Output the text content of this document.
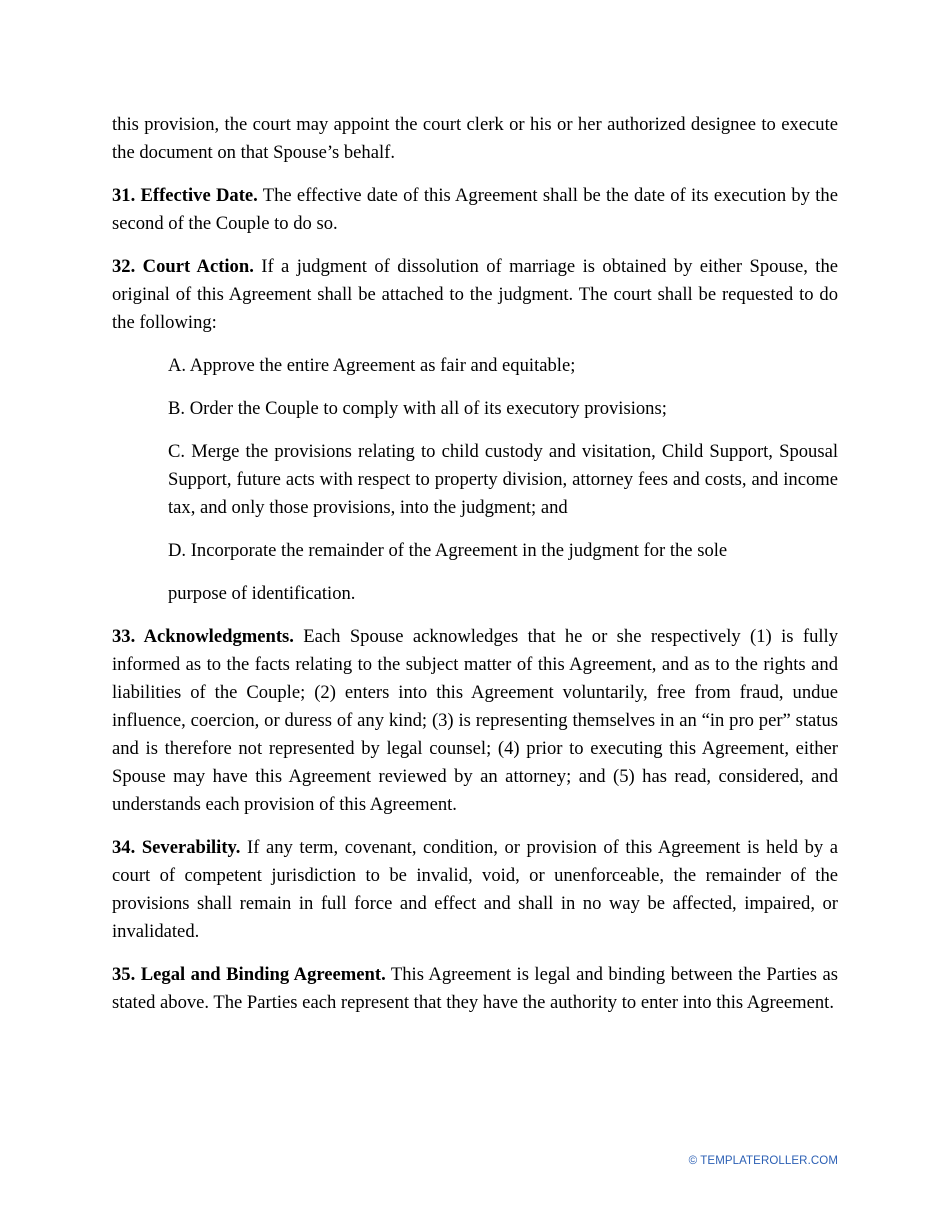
this provision, the court may appoint the court clerk or his or her authorized designee to execute the document on that Spouse’s behalf.

31. Effective Date. The effective date of this Agreement shall be the date of its execution by the second of the Couple to do so.

32. Court Action. If a judgment of dissolution of marriage is obtained by either Spouse, the original of this Agreement shall be attached to the judgment. The court shall be requested to do the following:

A. Approve the entire Agreement as fair and equitable;

B. Order the Couple to comply with all of its executory provisions;

C. Merge the provisions relating to child custody and visitation, Child Support, Spousal Support, future acts with respect to property division, attorney fees and costs, and income tax, and only those provisions, into the judgment; and

D. Incorporate the remainder of the Agreement in the judgment for the sole

purpose of identification.

33. Acknowledgments. Each Spouse acknowledges that he or she respectively (1) is fully informed as to the facts relating to the subject matter of this Agreement, and as to the rights and liabilities of the Couple; (2) enters into this Agreement voluntarily, free from fraud, undue influence, coercion, or duress of any kind; (3) is representing themselves in an “in pro per” status and is therefore not represented by legal counsel; (4) prior to executing this Agreement, either Spouse may have this Agreement reviewed by an attorney; and (5) has read, considered, and understands each provision of this Agreement.

34. Severability. If any term, covenant, condition, or provision of this Agreement is held by a court of competent jurisdiction to be invalid, void, or unenforceable, the remainder of the provisions shall remain in full force and effect and shall in no way be affected, impaired, or invalidated.

35. Legal and Binding Agreement. This Agreement is legal and binding between the Parties as stated above. The Parties each represent that they have the authority to enter into this Agreement.

© TEMPLATEROLLER.COM
